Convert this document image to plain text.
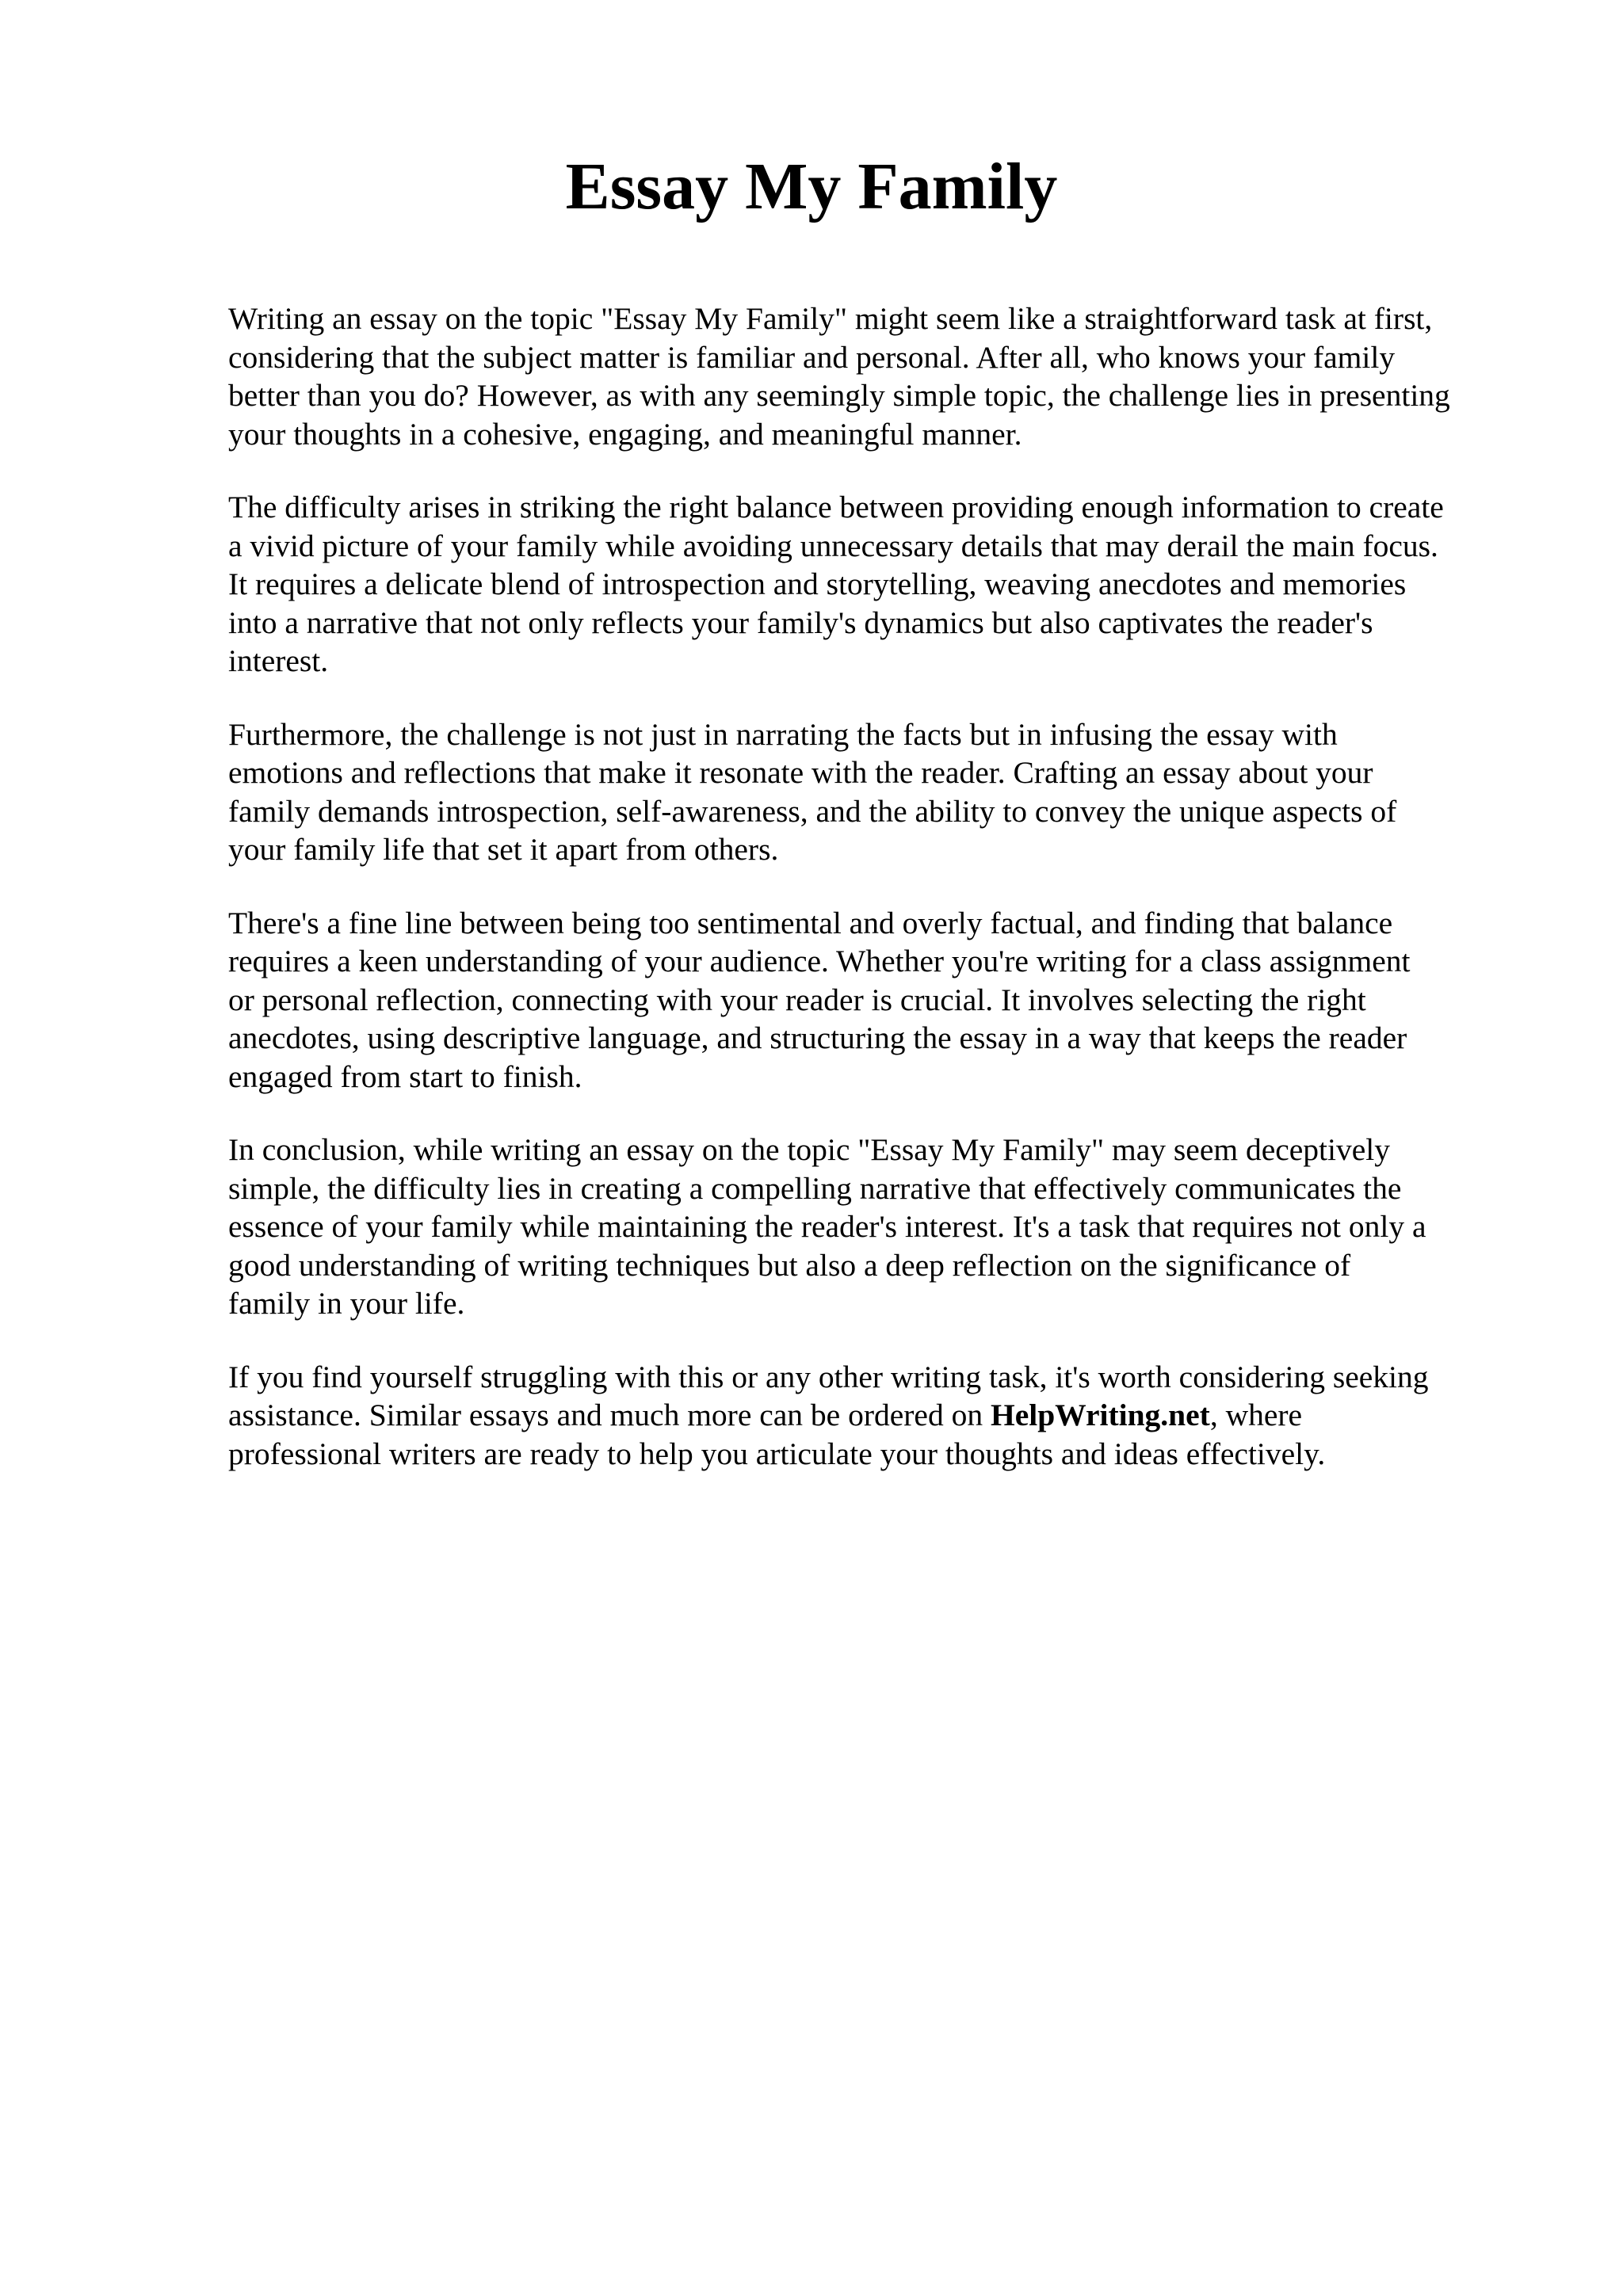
Essay My Family

Writing an essay on the topic "Essay My Family" might seem like a straightforward task at first,
considering that the subject matter is familiar and personal. After all, who knows your family
better than you do? However, as with any seemingly simple topic, the challenge lies in presenting
your thoughts in a cohesive, engaging, and meaningful manner.

The difficulty arises in striking the right balance between providing enough information to create
a vivid picture of your family while avoiding unnecessary details that may derail the main focus.
It requires a delicate blend of introspection and storytelling, weaving anecdotes and memories
into a narrative that not only reflects your family's dynamics but also captivates the reader's
interest.

Furthermore, the challenge is not just in narrating the facts but in infusing the essay with
emotions and reflections that make it resonate with the reader. Crafting an essay about your
family demands introspection, self-awareness, and the ability to convey the unique aspects of
your family life that set it apart from others.

There's a fine line between being too sentimental and overly factual, and finding that balance
requires a keen understanding of your audience. Whether you're writing for a class assignment
or personal reflection, connecting with your reader is crucial. It involves selecting the right
anecdotes, using descriptive language, and structuring the essay in a way that keeps the reader
engaged from start to finish.

In conclusion, while writing an essay on the topic "Essay My Family" may seem deceptively
simple, the difficulty lies in creating a compelling narrative that effectively communicates the
essence of your family while maintaining the reader's interest. It's a task that requires not only a
good understanding of writing techniques but also a deep reflection on the significance of
family in your life.

If you find yourself struggling with this or any other writing task, it's worth considering seeking
assistance. Similar essays and much more can be ordered on HelpWriting.net, where
professional writers are ready to help you articulate your thoughts and ideas effectively.
